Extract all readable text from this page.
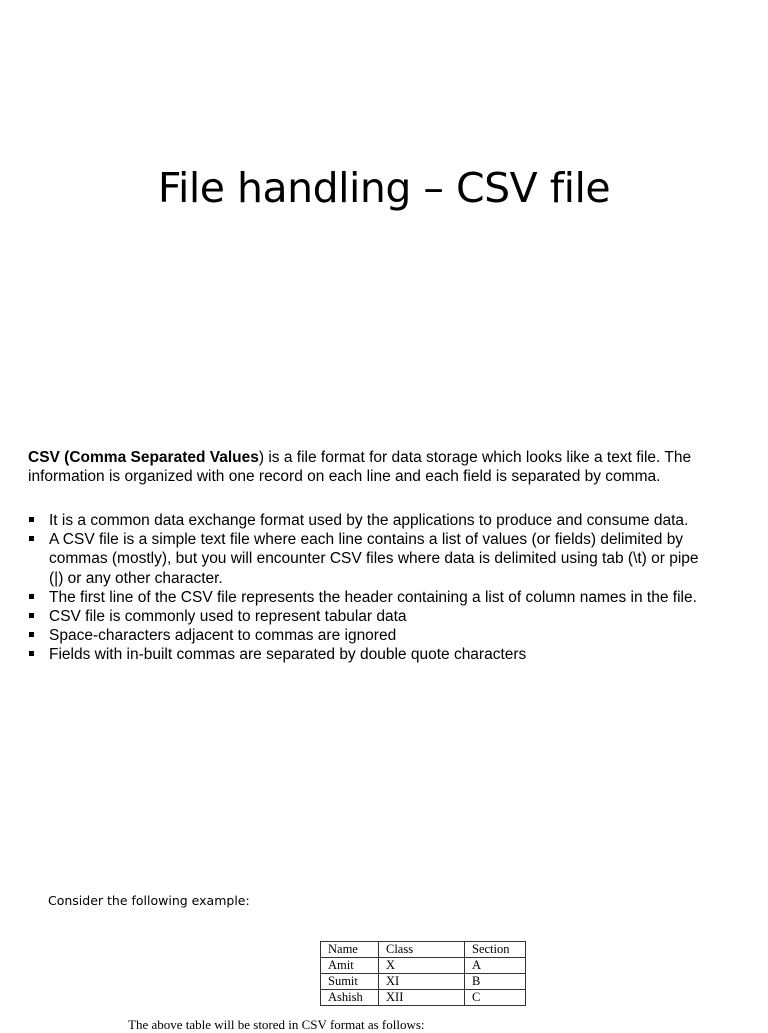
File handling – CSV file

CSV (Comma Separated Values) is a file format for data storage which looks like a text file. The information is organized with one record on each line and each field is separated by comma.

It is a common data exchange format used by the applications to produce and consume data.
A CSV file is a simple text file where each line contains a list of values (or fields) delimited by commas (mostly), but you will encounter CSV files where data is delimited using tab (\t) or pipe (|) or any other character.
The first line of the CSV file represents the header containing a list of column names in the file.
CSV file is commonly used to represent tabular data
Space-characters adjacent to commas are ignored
Fields with in-built commas are separated by double quote characters

Consider the following example:

Name	Class	Section
Amit	X	A
Sumit	XI	B
Ashish	XII	C

The above table will be stored in CSV format as follows:
